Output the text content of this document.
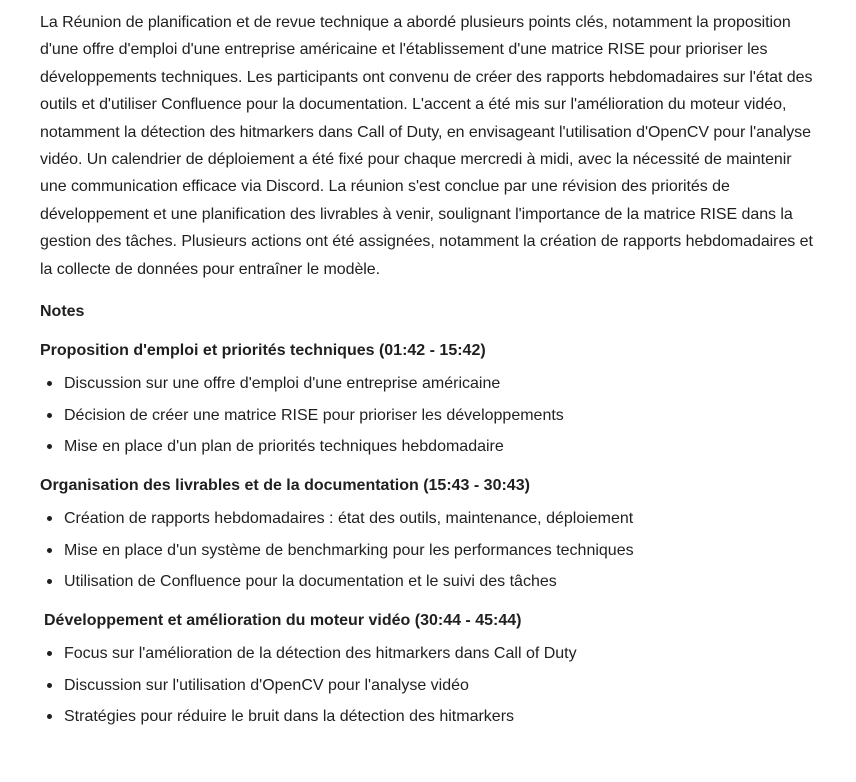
La Réunion de planification et de revue technique a abordé plusieurs points clés, notamment la proposition d'une offre d'emploi d'une entreprise américaine et l'établissement d'une matrice RISE pour prioriser les développements techniques. Les participants ont convenu de créer des rapports hebdomadaires sur l'état des outils et d'utiliser Confluence pour la documentation. L'accent a été mis sur l'amélioration du moteur vidéo, notamment la détection des hitmarkers dans Call of Duty, en envisageant l'utilisation d'OpenCV pour l'analyse vidéo. Un calendrier de déploiement a été fixé pour chaque mercredi à midi, avec la nécessité de maintenir une communication efficace via Discord. La réunion s'est conclue par une révision des priorités de développement et une planification des livrables à venir, soulignant l'importance de la matrice RISE dans la gestion des tâches. Plusieurs actions ont été assignées, notamment la création de rapports hebdomadaires et la collecte de données pour entraîner le modèle.

Notes
Proposition d'emploi et priorités techniques (01:42 - 15:42)
Discussion sur une offre d'emploi d'une entreprise américaine
Décision de créer une matrice RISE pour prioriser les développements
Mise en place d'un plan de priorités techniques hebdomadaire
Organisation des livrables et de la documentation (15:43 - 30:43)
Création de rapports hebdomadaires : état des outils, maintenance, déploiement
Mise en place d'un système de benchmarking pour les performances techniques
Utilisation de Confluence pour la documentation et le suivi des tâches
Développement et amélioration du moteur vidéo (30:44 - 45:44)
Focus sur l'amélioration de la détection des hitmarkers dans Call of Duty
Discussion sur l'utilisation d'OpenCV pour l'analyse vidéo
Stratégies pour réduire le bruit dans la détection des hitmarkers
